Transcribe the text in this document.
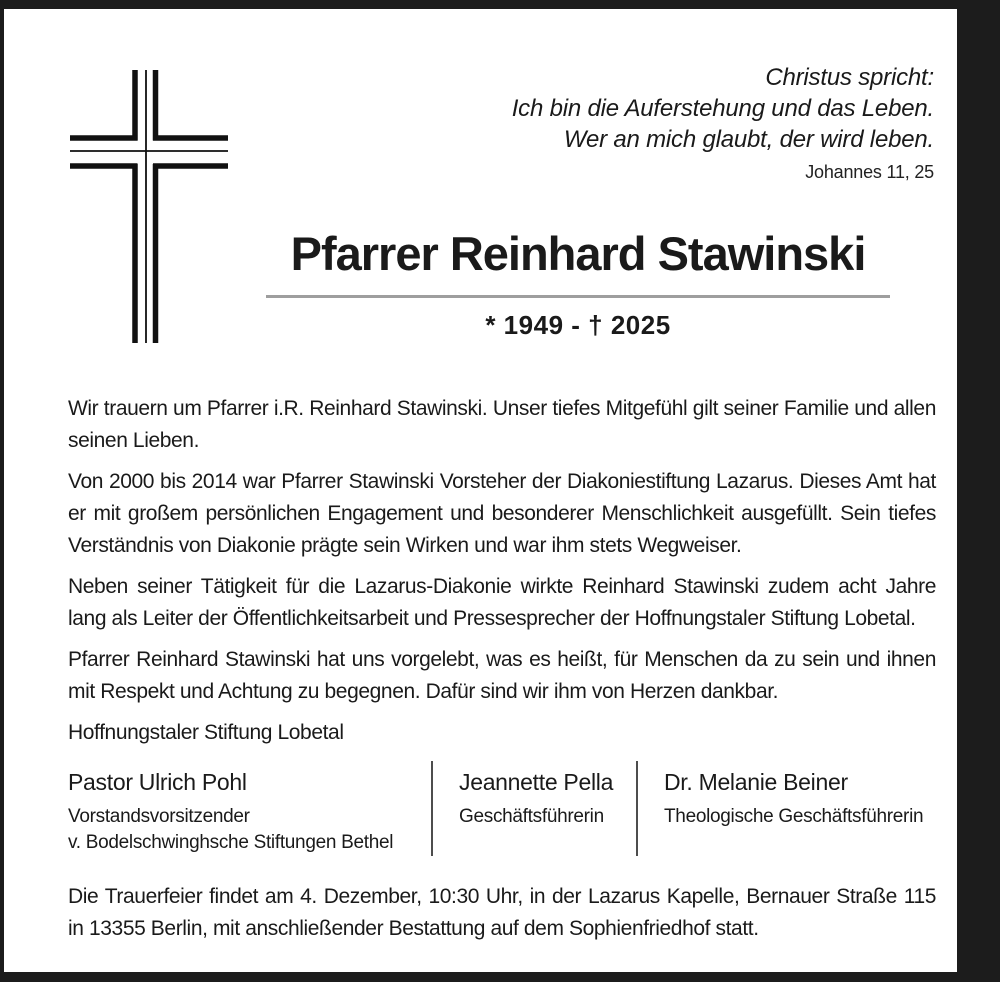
Christus spricht:
Ich bin die Auferstehung und das Leben.
Wer an mich glaubt, der wird leben.
Johannes 11, 25
Pfarrer Reinhard Stawinski
* 1949 - † 2025

Wir trauern um Pfarrer i.R. Reinhard Stawinski. Unser tiefes Mitgefühl gilt seiner Familie und allen seinen Lieben.

Von 2000 bis 2014 war Pfarrer Stawinski Vorsteher der Diakoniestiftung Lazarus. Dieses Amt hat er mit großem persönlichen Engagement und besonderer Menschlichkeit ausgefüllt. Sein tiefes Verständnis von Diakonie prägte sein Wirken und war ihm stets Wegweiser.

Neben seiner Tätigkeit für die Lazarus-Diakonie wirkte Reinhard Stawinski zudem acht Jahre lang als Leiter der Öffentlichkeitsarbeit und Pressesprecher der Hoffnungstaler Stiftung Lobetal.

Pfarrer Reinhard Stawinski hat uns vorgelebt, was es heißt, für Menschen da zu sein und ihnen mit Respekt und Achtung zu begegnen. Dafür sind wir ihm von Herzen dankbar.

Hoffnungstaler Stiftung Lobetal

Pastor Ulrich Pohl
Vorstandsvorsitzender
v. Bodelschwinghsche Stiftungen Bethel
Jeannette Pella
Geschäftsführerin
Dr. Melanie Beiner
Theologische Geschäftsführerin

Die Trauerfeier findet am 4. Dezember, 10:30 Uhr, in der Lazarus Kapelle, Bernauer Straße 115 in 13355 Berlin, mit anschließender Bestattung auf dem Sophienfriedhof statt.
